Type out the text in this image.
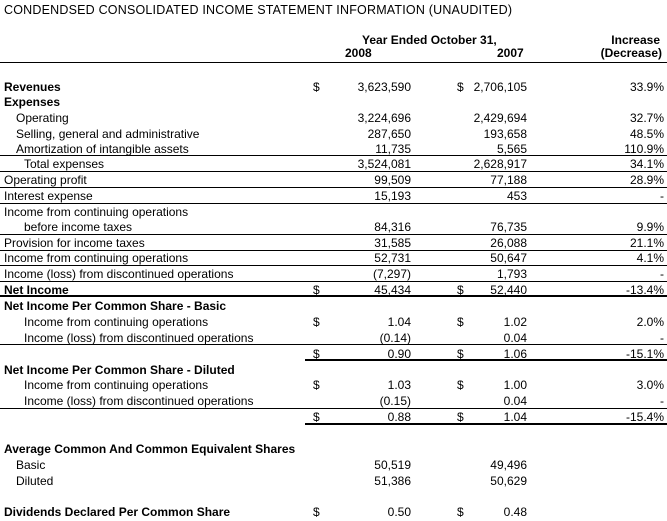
CONDENDSED CONSOLIDATED INCOME STATEMENT INFORMATION (UNAUDITED)
Year Ended October 31,
2008	2007
Increase
(Decrease)
Revenues	$	3,623,590	$ 2,706,105	33.9%
Expenses
Operating	3,224,696	2,429,694	32.7%
Selling, general and administrative	287,650	193,658	48.5%
Amortization of intangible assets	11,735	5,565	110.9%
Total expenses	3,524,081	2,628,917	34.1%
Operating profit	99,509	77,188	28.9%
Interest expense	15,193	453	-
Income from continuing operations
before income taxes	84,316	76,735	9.9%
Provision for income taxes	31,585	26,088	21.1%
Income from continuing operations	52,731	50,647	4.1%
Income (loss) from discontinued operations	(7,297)	1,793	-
Net Income	$	45,434	$ 52,440	-13.4%
Net Income Per Common Share - Basic
Income from continuing operations	$	1.04	$	1.02	2.0%
Income (loss) from discontinued operations	(0.14)	0.04	-
$	0.90	$	1.06	-15.1%
Net Income Per Common Share - Diluted
Income from continuing operations	$	1.03	$	1.00	3.0%
Income (loss) from discontinued operations	(0.15)	0.04	-
$	0.88	$	1.04	-15.4%
Average Common And Common Equivalent Shares
Basic	50,519	49,496
Diluted	51,386	50,629
Dividends Declared Per Common Share	$	0.50	$	0.48
